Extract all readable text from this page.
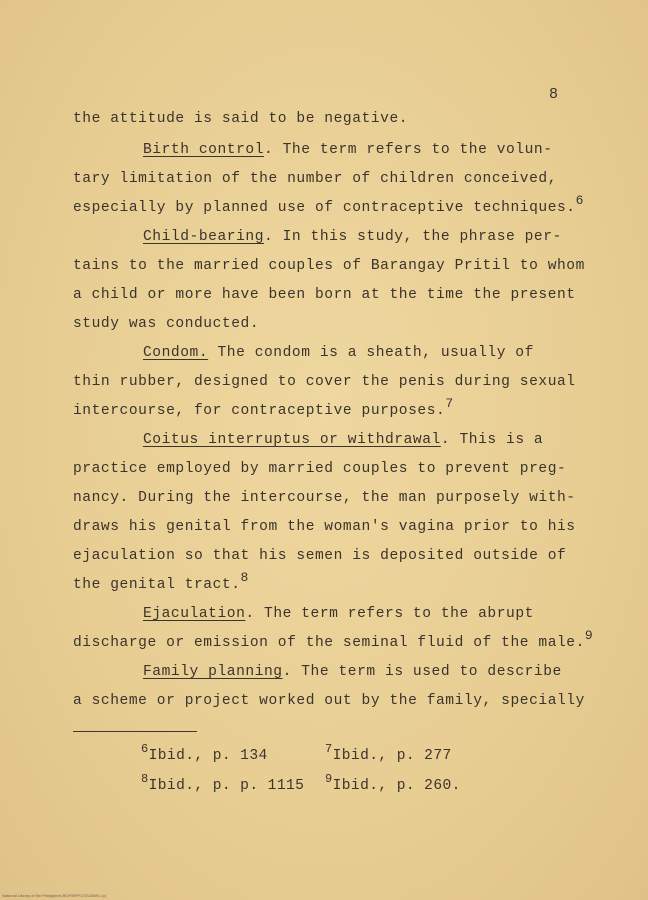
8
the attitude is said to be negative.
Birth control. The term refers to the volun-
tary limitation of the number of children conceived,
especially by planned use of contraceptive techniques.$^6$
Child-bearing. In this study, the phrase per-
tains to the married couples of Barangay Pritil to whom
a child or more have been born at the time the present
study was conducted.
Condom. The condom is a sheath, usually of
thin rubber, designed to cover the penis during sexual
intercourse, for contraceptive purposes.$^7$
Coitus interruptus or withdrawal. This is a
practice employed by married couples to prevent preg-
nancy. During the intercourse, the man purposely with-
draws his genital from the woman's vagina prior to his
ejaculation so that his semen is deposited outside of
the genital tract.$^8$
Ejaculation. The term refers to the abrupt
discharge or emission of the seminal fluid of the male.$^9$
Family planning. The term is used to describe
a scheme or project worked out by the family, specially
$^6$Ibid., p. 134	$^7$Ibid., p. 277
$^8$Ibid., p. p. 1115 $^9$Ibid., p. 260.
National Library of the Philippines BOF09FF17011B691 (c)
